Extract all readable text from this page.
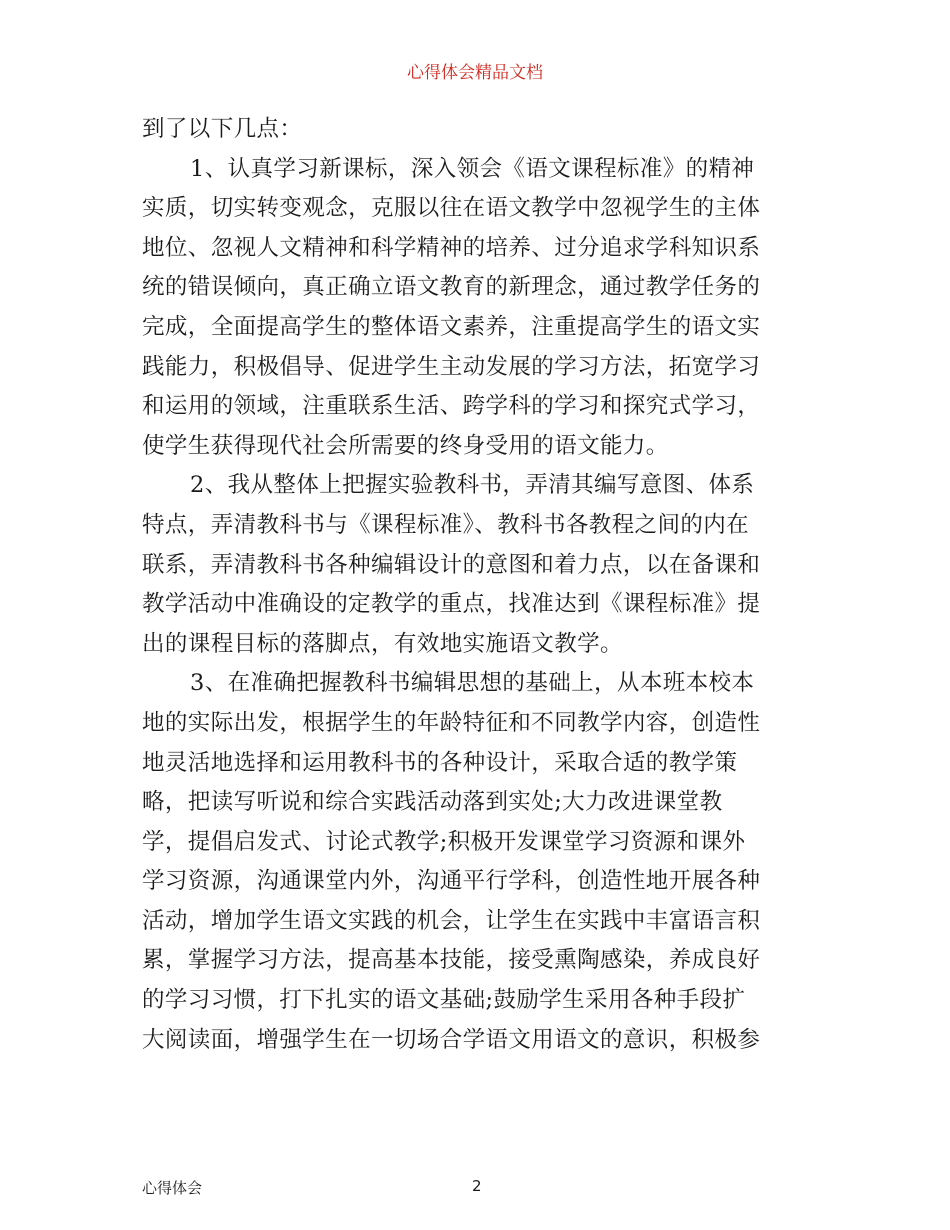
心得体会精品文档
到了以下几点：
1、认真学习新课标，深入领会《语文课程标准》的精神
实质，切实转变观念，克服以往在语文教学中忽视学生的主体
地位、忽视人文精神和科学精神的培养、过分追求学科知识系
统的错误倾向，真正确立语文教育的新理念，通过教学任务的
完成，全面提高学生的整体语文素养，注重提高学生的语文实
践能力，积极倡导、促进学生主动发展的学习方法，拓宽学习
和运用的领域，注重联系生活、跨学科的学习和探究式学习，
使学生获得现代社会所需要的终身受用的语文能力。
2、我从整体上把握实验教科书，弄清其编写意图、体系
特点，弄清教科书与《课程标准》、教科书各教程之间的内在
联系，弄清教科书各种编辑设计的意图和着力点，以在备课和
教学活动中准确设的定教学的重点，找准达到《课程标准》提
出的课程目标的落脚点，有效地实施语文教学。
3、在准确把握教科书编辑思想的基础上，从本班本校本
地的实际出发，根据学生的年龄特征和不同教学内容，创造性
地灵活地选择和运用教科书的各种设计，采取合适的教学策
略，把读写听说和综合实践活动落到实处;大力改进课堂教
学，提倡启发式、讨论式教学;积极开发课堂学习资源和课外
学习资源，沟通课堂内外，沟通平行学科，创造性地开展各种
活动，增加学生语文实践的机会，让学生在实践中丰富语言积
累，掌握学习方法，提高基本技能，接受熏陶感染，养成良好
的学习习惯，打下扎实的语文基础;鼓励学生采用各种手段扩
大阅读面，增强学生在一切场合学语文用语文的意识，积极参
心得体会	2
